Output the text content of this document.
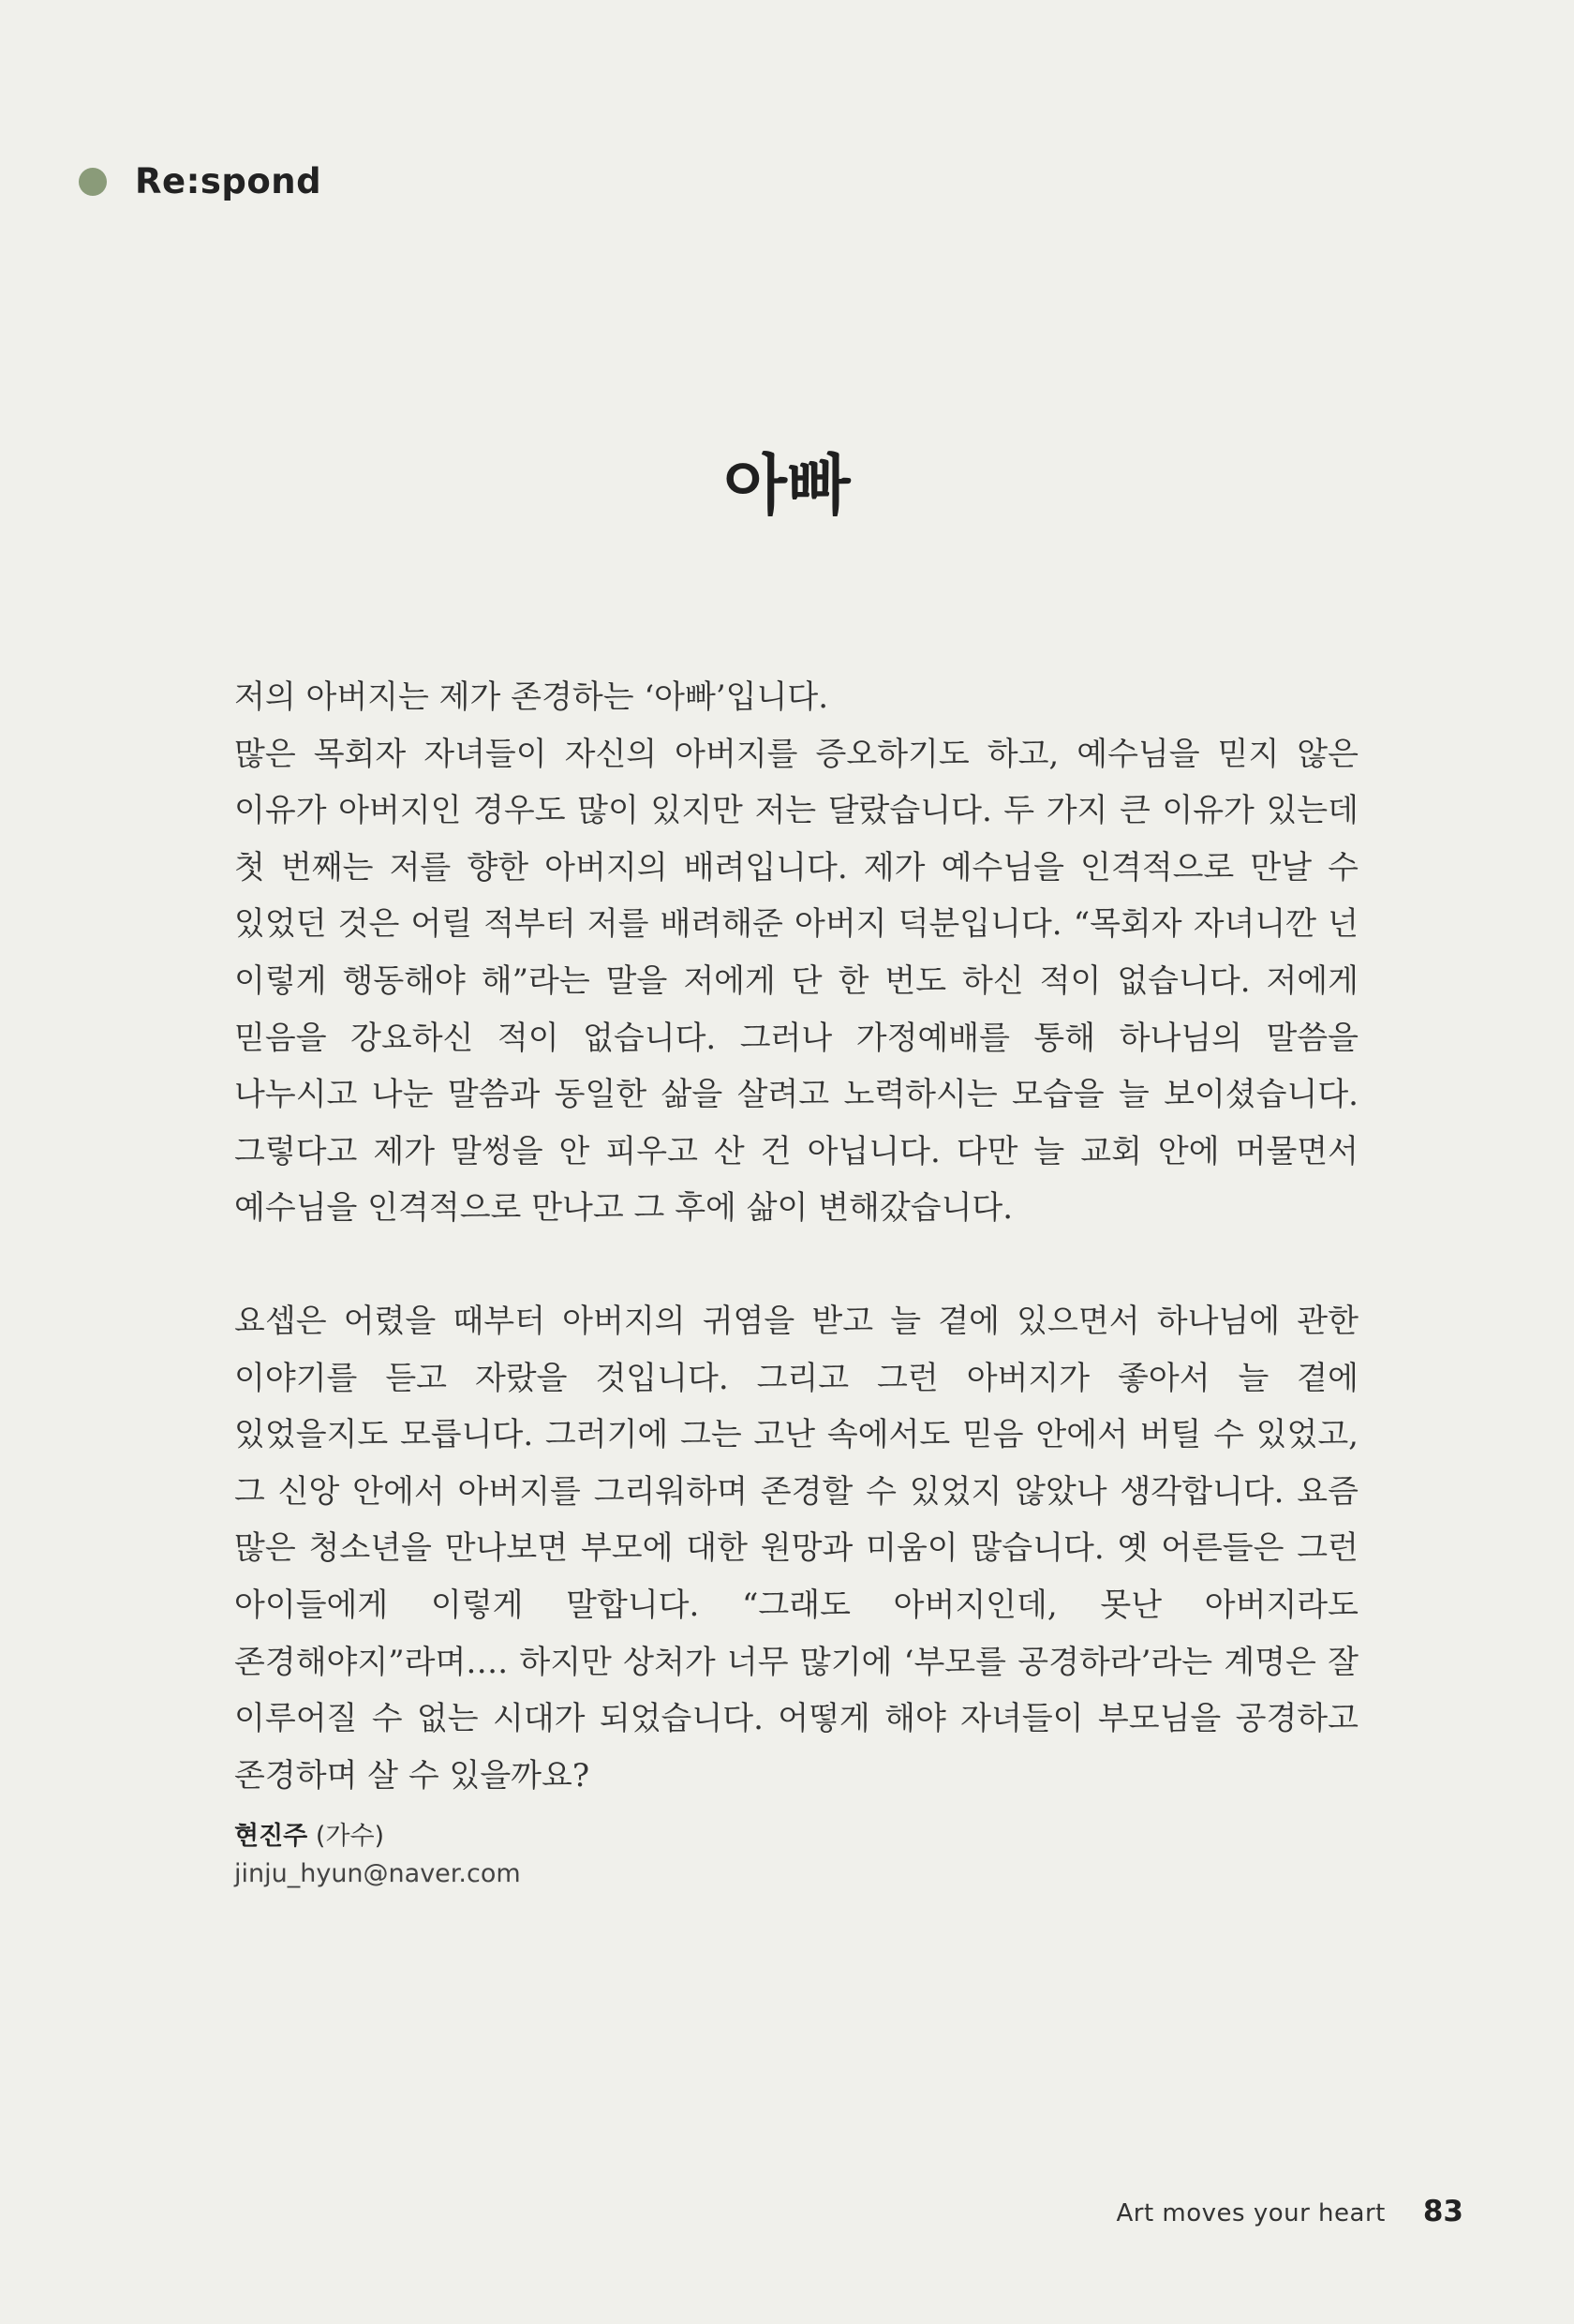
Re:spond
아빠

저의 아버지는 제가 존경하는 ‘아빠’입니다.

많은 목회자 자녀들이 자신의 아버지를 증오하기도 하고, 예수님을 믿지 않은 이유가 아버지인 경우도 많이 있지만 저는 달랐습니다. 두 가지 큰 이유가 있는데 첫 번째는 저를 향한 아버지의 배려입니다. 제가 예수님을 인격적으로 만날 수 있었던 것은 어릴 적부터 저를 배려해준 아버지 덕분입니다. “목회자 자녀니깐 넌 이렇게 행동해야 해”라는 말을 저에게 단 한 번도 하신 적이 없습니다. 저에게 믿음을 강요하신 적이 없습니다. 그러나 가정예배를 통해 하나님의 말씀을 나누시고 나눈 말씀과 동일한 삶을 살려고 노력하시는 모습을 늘 보이셨습니다. 그렇다고 제가 말썽을 안 피우고 산 건 아닙니다. 다만 늘 교회 안에 머물면서 예수님을 인격적으로 만나고 그 후에 삶이 변해갔습니다.

요셉은 어렸을 때부터 아버지의 귀염을 받고 늘 곁에 있으면서 하나님에 관한 이야기를 듣고 자랐을 것입니다. 그리고 그런 아버지가 좋아서 늘 곁에 있었을지도 모릅니다. 그러기에 그는 고난 속에서도 믿음 안에서 버틸 수 있었고, 그 신앙 안에서 아버지를 그리워하며 존경할 수 있었지 않았나 생각합니다. 요즘 많은 청소년을 만나보면 부모에 대한 원망과 미움이 많습니다. 옛 어른들은 그런 아이들에게 이렇게 말합니다. “그래도 아버지인데, 못난 아버지라도 존경해야지”라며…. 하지만 상처가 너무 많기에 ‘부모를 공경하라’라는 계명은 잘 이루어질 수 없는 시대가 되었습니다. 어떻게 해야 자녀들이 부모님을 공경하고 존경하며 살 수 있을까요?

현진주 (가수)
jinju_hyun@naver.com
Art moves your heart 83
